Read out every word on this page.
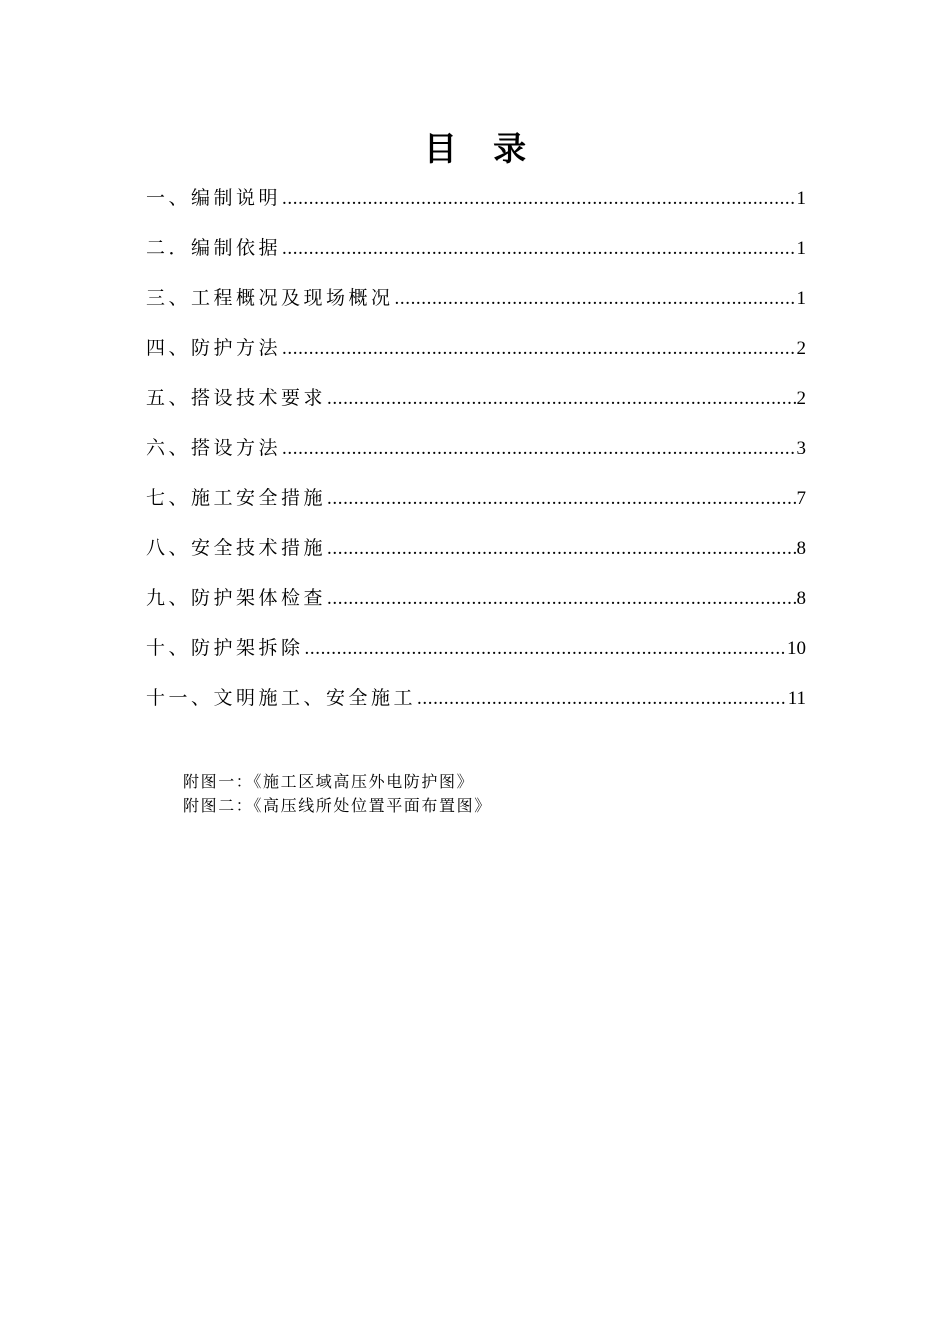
目 录
一、编制说明 .....	1
二．编制依据 .....	1
三、工程概况及现场概况 .....	1
四、防护方法 .....	2
五、搭设技术要求 .....	2
六、搭设方法 .....	3
七、施工安全措施 .....	7
八、安全技术措施 .....	8
九、防护架体检查 .....	8
十、防护架拆除 .....	10
十一、文明施工、安全施工 .....	11
附图一：《施工区域高压外电防护图》
附图二：《高压线所处位置平面布置图》
